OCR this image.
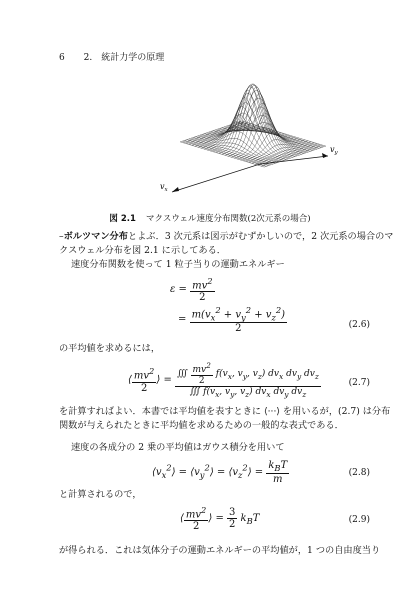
6 2.　統計力学の原理
$v_x$
$v_y$
図 2.1 マクスウェル速度分布関数(2次元系の場合)
–ボルツマン分布とよぶ．3 次元系は図示がむずかしいので，2 次元系の場合のマクスウェル分布を図 2.1 に示してある．
速度分布関数を使って 1 粒子当りの運動エネルギー
$\varepsilon = \frac{mv^2}{2}$
= $\frac{m(v_x^2 + v_y^2 + v_z^2)}{2}$	(2.6)
の平均値を求めるには，
⟨ $\frac{mv^2}{2}$ ⟩ = $\frac{∭ \frac{mv^2}{2} f(v_x, v_y, v_z) dv_x dv_y dv_z}{∭ f(v_x, v_y, v_z) dv_x dv_y dv_z}$	(2.7)
を計算すればよい．本書では平均値を表すときに ⟨···⟩ を用いるが，(2.7) は分布関数が与えられたときに平均値を求めるための一般的な表式である．
速度の各成分の 2 乗の平均値はガウス積分を用いて
$⟨v_x^2⟩$ = $⟨v_y^2⟩$ = $⟨v_z^2⟩ = \frac{k_BT}{m}$	(2.8)
と計算されるので，
⟨ $\frac{mv^2}{2}$ ⟩ = $\frac{3}{2} k_BT$	(2.9)
が得られる．これは気体分子の運動エネルギーの平均値が，1 つの自由度当り
